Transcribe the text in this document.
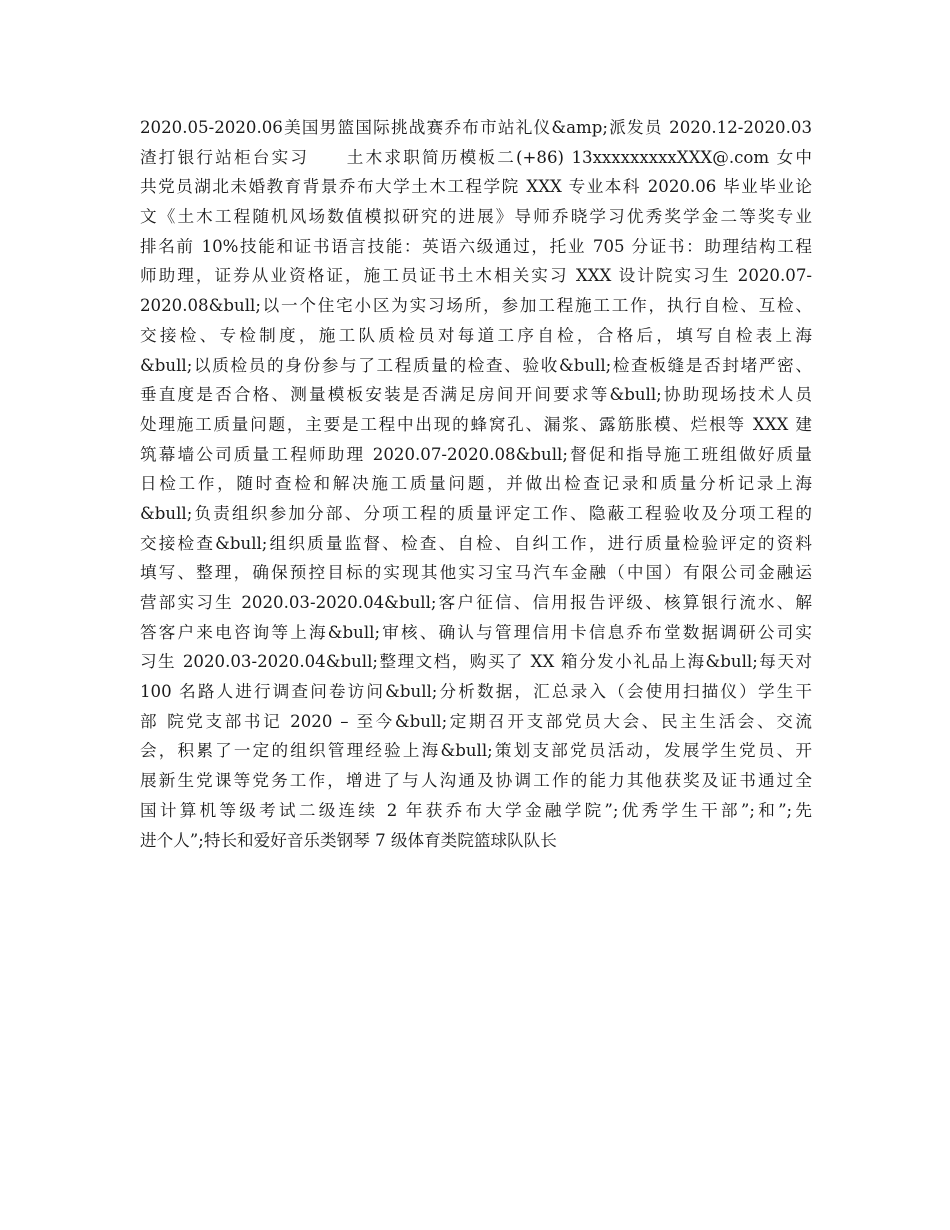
2020.05-2020.06美国男篮国际挑战赛乔布市站礼仪&amp;派发员 2020.12-2020.03
渣打银行站柜台实习　　土木求职简历模板二(+86) 13xxxxxxxxxXXX@.com 女中
共党员湖北未婚教育背景乔布大学土木工程学院 XXX 专业本科 2020.06 毕业毕业论
文《土木工程随机风场数值模拟研究的进展》导师乔晓学习优秀奖学金二等奖专业
排名前 10%技能和证书语言技能：英语六级通过，托业 705 分证书：助理结构工程
师助理，证券从业资格证，施工员证书土木相关实习 XXX 设计院实习生 2020.07-
2020.08&bull;以一个住宅小区为实习场所，参加工程施工工作，执行自检、互检、
交接检、专检制度，施工队质检员对每道工序自检，合格后，填写自检表上海
&bull;以质检员的身份参与了工程质量的检查、验收&bull;检查板缝是否封堵严密、
垂直度是否合格、测量模板安装是否满足房间开间要求等&bull;协助现场技术人员
处理施工质量问题，主要是工程中出现的蜂窝孔、漏浆、露筋胀模、烂根等 XXX 建
筑幕墙公司质量工程师助理 2020.07-2020.08&bull;督促和指导施工班组做好质量
日检工作，随时查检和解决施工质量问题，并做出检查记录和质量分析记录上海
&bull;负责组织参加分部、分项工程的质量评定工作、隐蔽工程验收及分项工程的
交接检查&bull;组织质量监督、检查、自检、自纠工作，进行质量检验评定的资料
填写、整理，确保预控目标的实现其他实习宝马汽车金融（中国）有限公司金融运
营部实习生 2020.03-2020.04&bull;客户征信、信用报告评级、核算银行流水、解
答客户来电咨询等上海&bull;审核、确认与管理信用卡信息乔布堂数据调研公司实
习生 2020.03-2020.04&bull;整理文档，购买了 XX 箱分发小礼品上海&bull;每天对
100 名路人进行调查问卷访问&bull;分析数据，汇总录入（会使用扫描仪）学生干
部 院党支部书记 2020 – 至今&bull;定期召开支部党员大会、民主生活会、交流
会，积累了一定的组织管理经验上海&bull;策划支部党员活动，发展学生党员、开
展新生党课等党务工作，增进了与人沟通及协调工作的能力其他获奖及证书通过全
国计算机等级考试二级连续 2 年获乔布大学金融学院”;优秀学生干部”;和”;先
进个人”;特长和爱好音乐类钢琴 7 级体育类院篮球队队长
